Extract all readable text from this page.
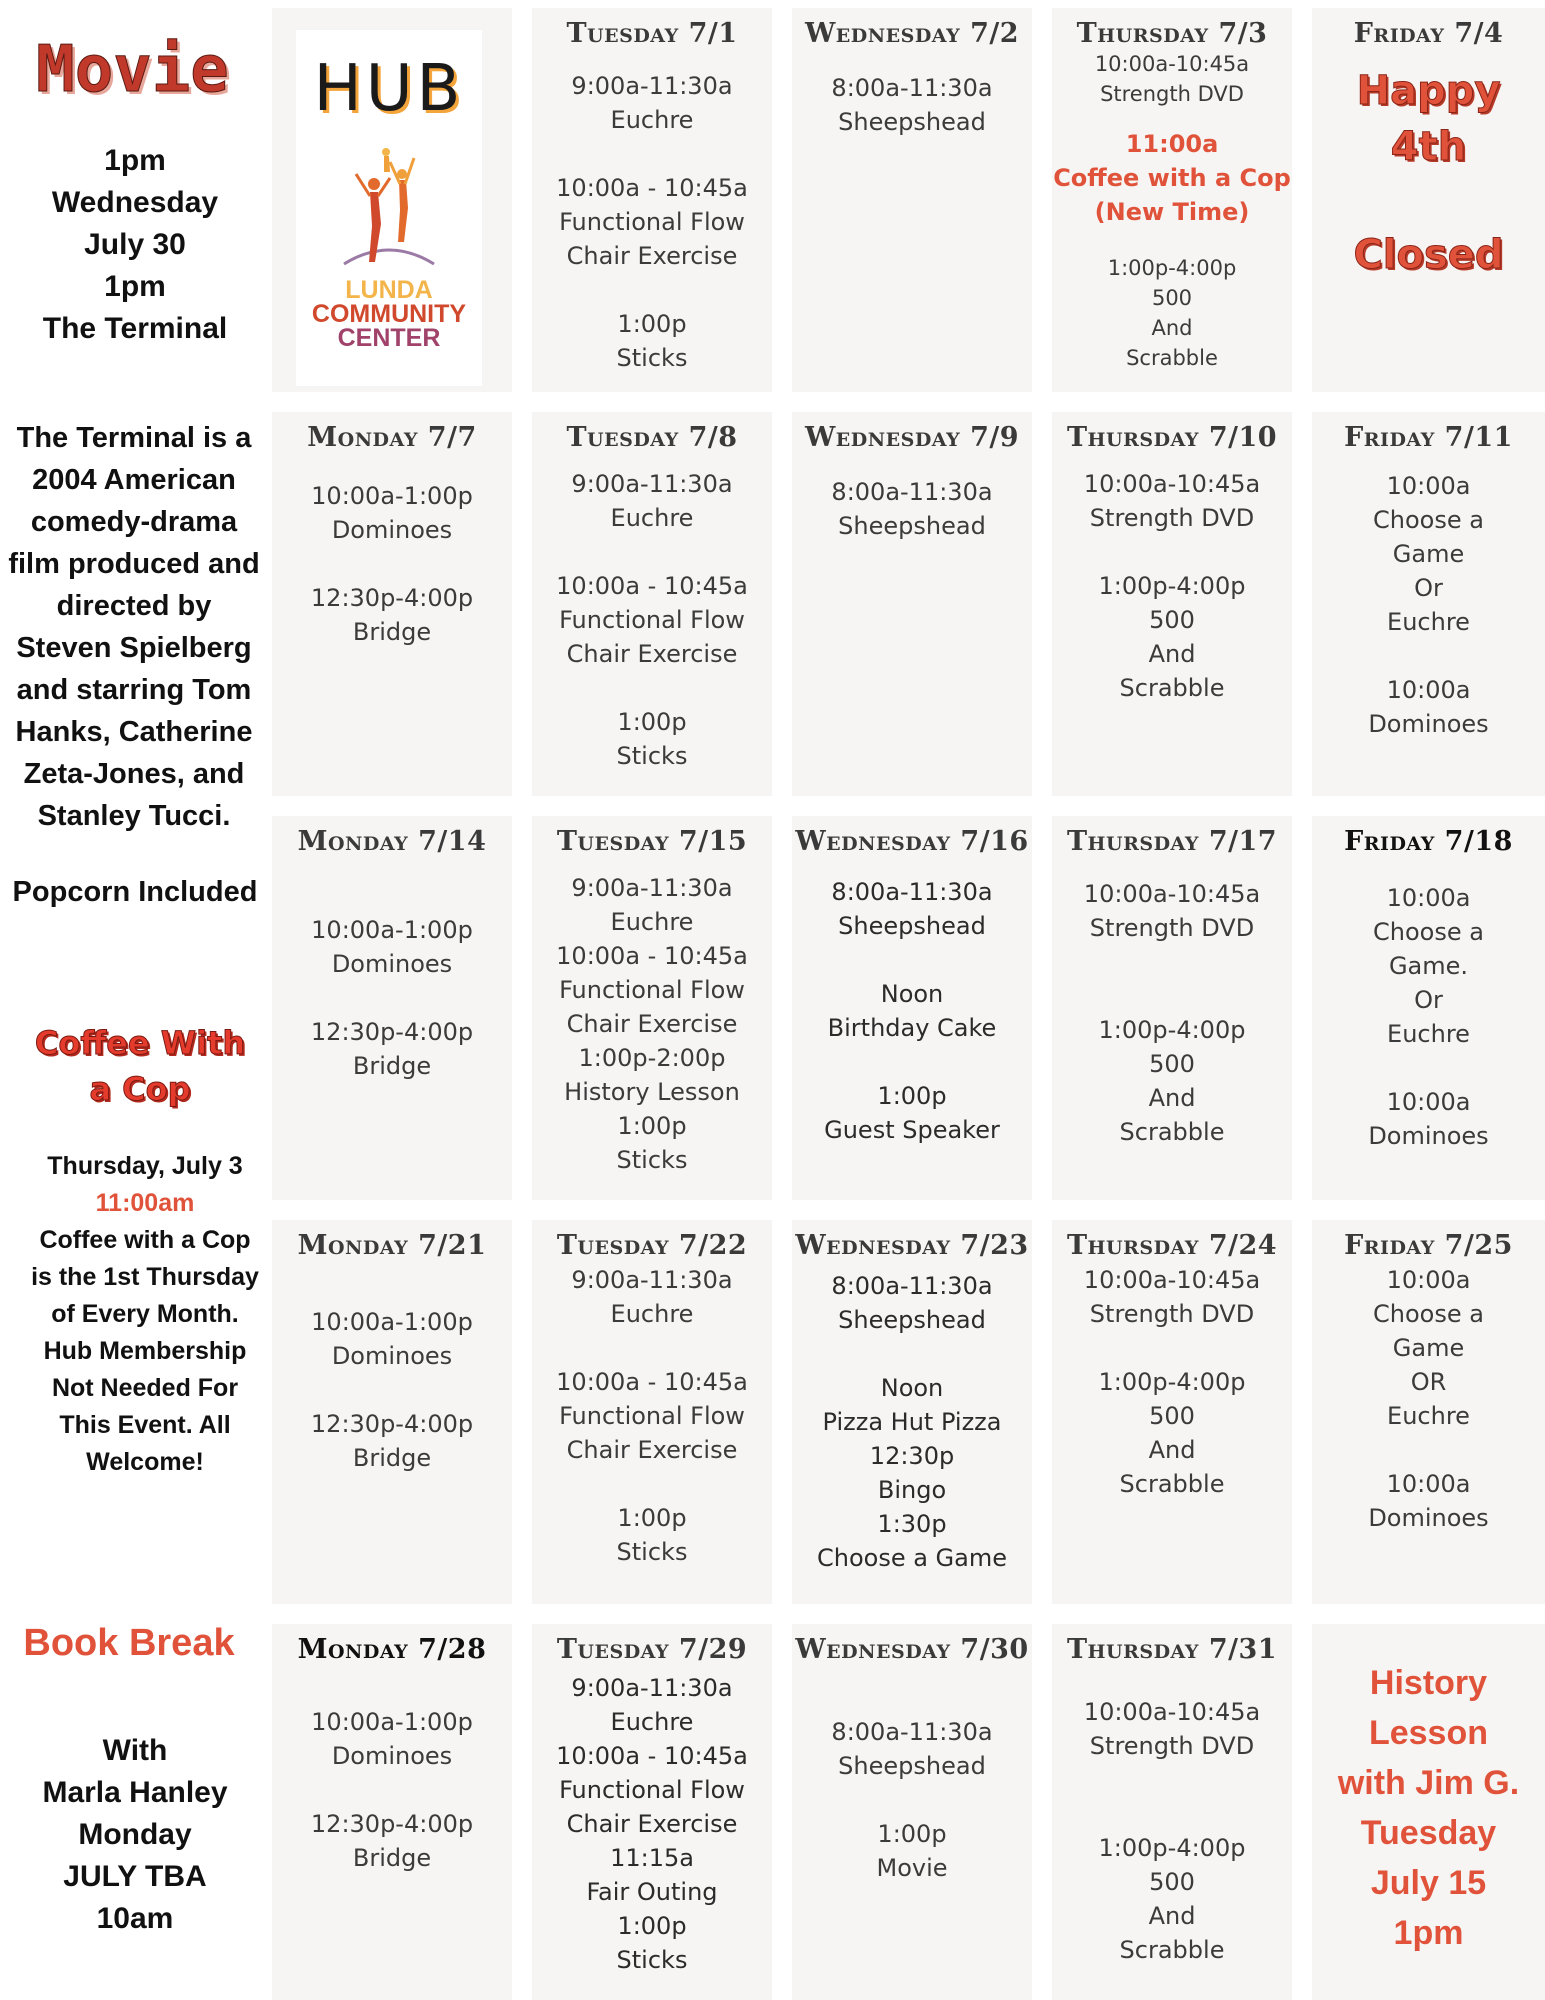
Movie
1pm
Wednesday
July 30
1pm
The Terminal
The Terminal is a 2004 American comedy-drama film produced and directed by Steven Spielberg and starring Tom Hanks, Catherine Zeta-Jones, and Stanley Tucci.
Popcorn Included
Coffee With a Cop
Thursday, July 3
11:00am
Coffee with a Cop is the 1st Thursday of Every Month. Hub Membership Not Needed For This Event. All Welcome!
Book Break
With
Marla Hanley
Monday
JULY TBA
10am
HUB
LUNDA
COMMUNITY
CENTER
Tuesday 7/1
9:00a-11:30a
Euchre
10:00a - 10:45a
Functional Flow
Chair Exercise
1:00p
Sticks
Wednesday 7/2
8:00a-11:30a
Sheepshead
Thursday 7/3
10:00a-10:45a
Strength DVD
11:00a
Coffee with a Cop
(New Time)
1:00p-4:00p
500
And
Scrabble
Friday 7/4
Happy
4th
Closed
Monday 7/7
10:00a-1:00p
Dominoes
12:30p-4:00p
Bridge
Tuesday 7/8
9:00a-11:30a
Euchre
10:00a - 10:45a
Functional Flow
Chair Exercise
1:00p
Sticks
Wednesday 7/9
8:00a-11:30a
Sheepshead
Thursday 7/10
10:00a-10:45a
Strength DVD
1:00p-4:00p
500
And
Scrabble
Friday 7/11
10:00a
Choose a
Game
Or
Euchre
10:00a
Dominoes
Monday 7/14
10:00a-1:00p
Dominoes
12:30p-4:00p
Bridge
Tuesday 7/15
9:00a-11:30a
Euchre
10:00a - 10:45a
Functional Flow
Chair Exercise
1:00p-2:00p
History Lesson
1:00p
Sticks
Wednesday 7/16
8:00a-11:30a
Sheepshead
Noon
Birthday Cake
1:00p
Guest Speaker
Thursday 7/17
10:00a-10:45a
Strength DVD
1:00p-4:00p
500
And
Scrabble
Friday 7/18
10:00a
Choose a
Game.
Or
Euchre
10:00a
Dominoes
Monday 7/21
10:00a-1:00p
Dominoes
12:30p-4:00p
Bridge
Tuesday 7/22
9:00a-11:30a
Euchre
10:00a - 10:45a
Functional Flow
Chair Exercise
1:00p
Sticks
Wednesday 7/23
8:00a-11:30a
Sheepshead
Noon
Pizza Hut Pizza
12:30p
Bingo
1:30p
Choose a Game
Thursday 7/24
10:00a-10:45a
Strength DVD
1:00p-4:00p
500
And
Scrabble
Friday 7/25
10:00a
Choose a
Game
OR
Euchre
10:00a
Dominoes
Monday 7/28
10:00a-1:00p
Dominoes
12:30p-4:00p
Bridge
Tuesday 7/29
9:00a-11:30a
Euchre
10:00a - 10:45a
Functional Flow
Chair Exercise
11:15a
Fair Outing
1:00p
Sticks
Wednesday 7/30
8:00a-11:30a
Sheepshead
1:00p
Movie
Thursday 7/31
10:00a-10:45a
Strength DVD
1:00p-4:00p
500
And
Scrabble
History
Lesson
with Jim G.
Tuesday
July 15
1pm
